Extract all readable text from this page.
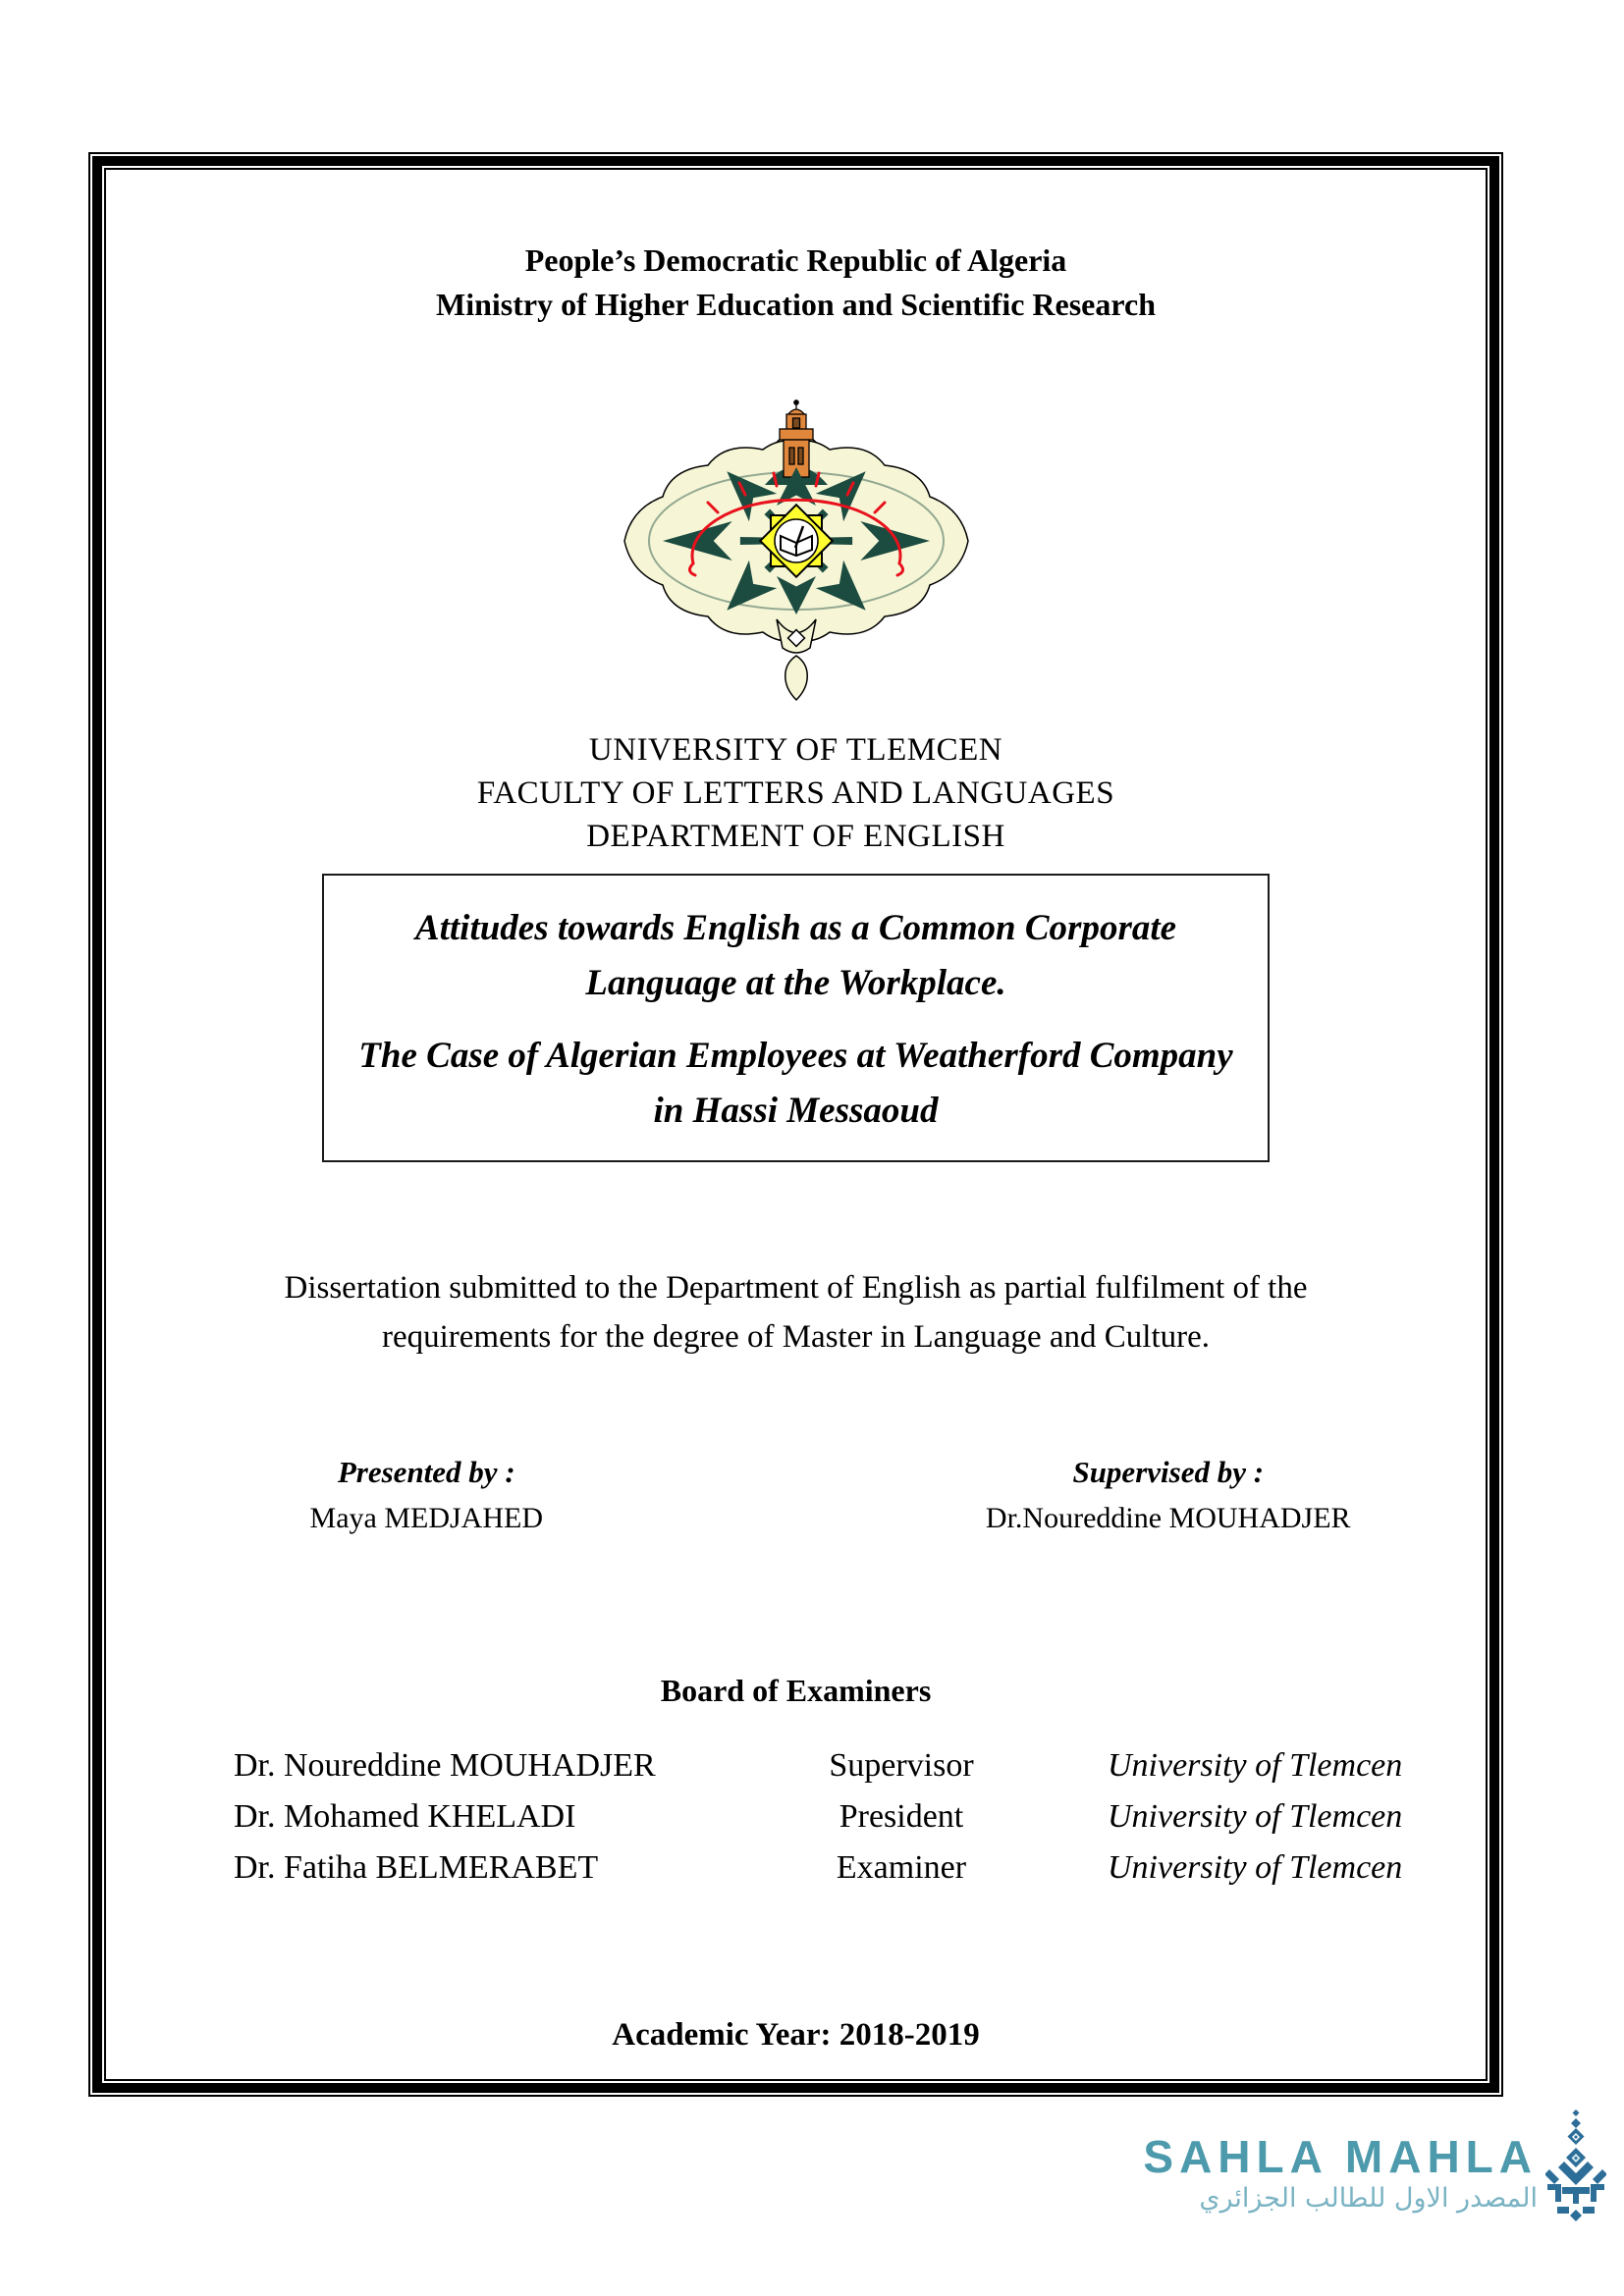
People’s Democratic Republic of Algeria
Ministry of Higher Education and Scientific Research
UNIVERSITY OF TLEMCEN
FACULTY OF LETTERS AND LANGUAGES
DEPARTMENT OF ENGLISH
Attitudes towards English as a Common Corporate
Language at the Workplace.
The Case of Algerian Employees at Weatherford Company
in Hassi Messaoud
Dissertation submitted to the Department of English as partial fulfilment of the
requirements for the degree of Master in Language and Culture.
Presented by :
Maya MEDJAHED
Supervised by :
Dr.Noureddine MOUHADJER
Board of Examiners
Dr. Noureddine MOUHADJER	Supervisor	University of Tlemcen
Dr. Mohamed KHELADI	President	University of Tlemcen
Dr. Fatiha BELMERABET	Examiner	University of Tlemcen
Academic Year: 2018-2019
SAHLA MAHLA
المصدر الاول للطالب الجزائري
